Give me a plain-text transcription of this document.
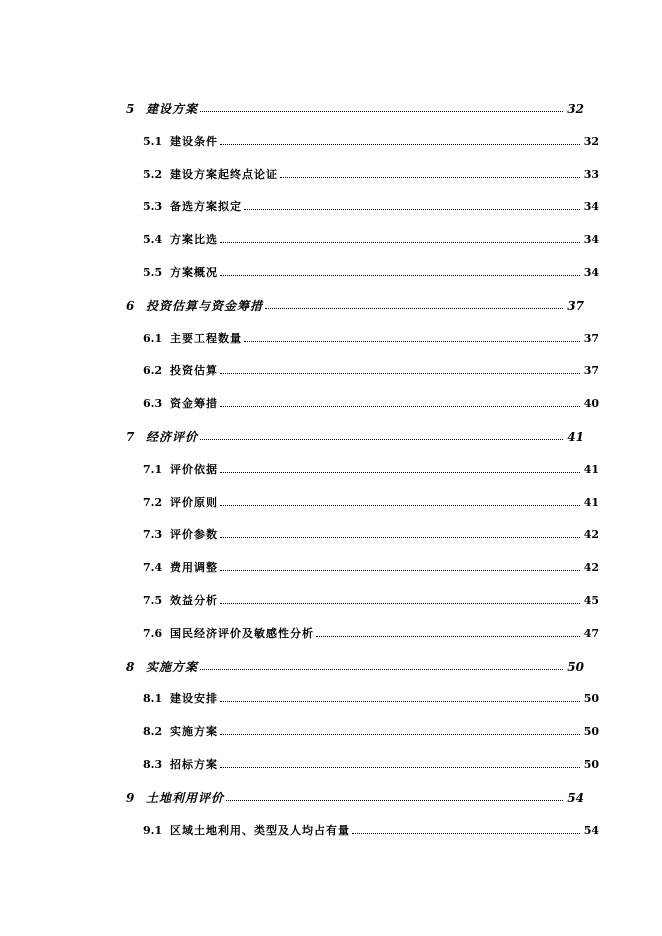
5 建设方案	32
5.1 建设条件	32
5.2 建设方案起终点论证	33
5.3 备选方案拟定	34
5.4 方案比选	34
5.5 方案概况	34
6 投资估算与资金筹措	37
6.1 主要工程数量	37
6.2 投资估算	37
6.3 资金筹措	40
7 经济评价	41
7.1 评价依据	41
7.2 评价原则	41
7.3 评价参数	42
7.4 费用调整	42
7.5 效益分析	45
7.6 国民经济评价及敏感性分析	47
8 实施方案	50
8.1 建设安排	50
8.2 实施方案	50
8.3 招标方案	50
9 土地利用评价	54
9.1 区域土地利用、类型及人均占有量	54
